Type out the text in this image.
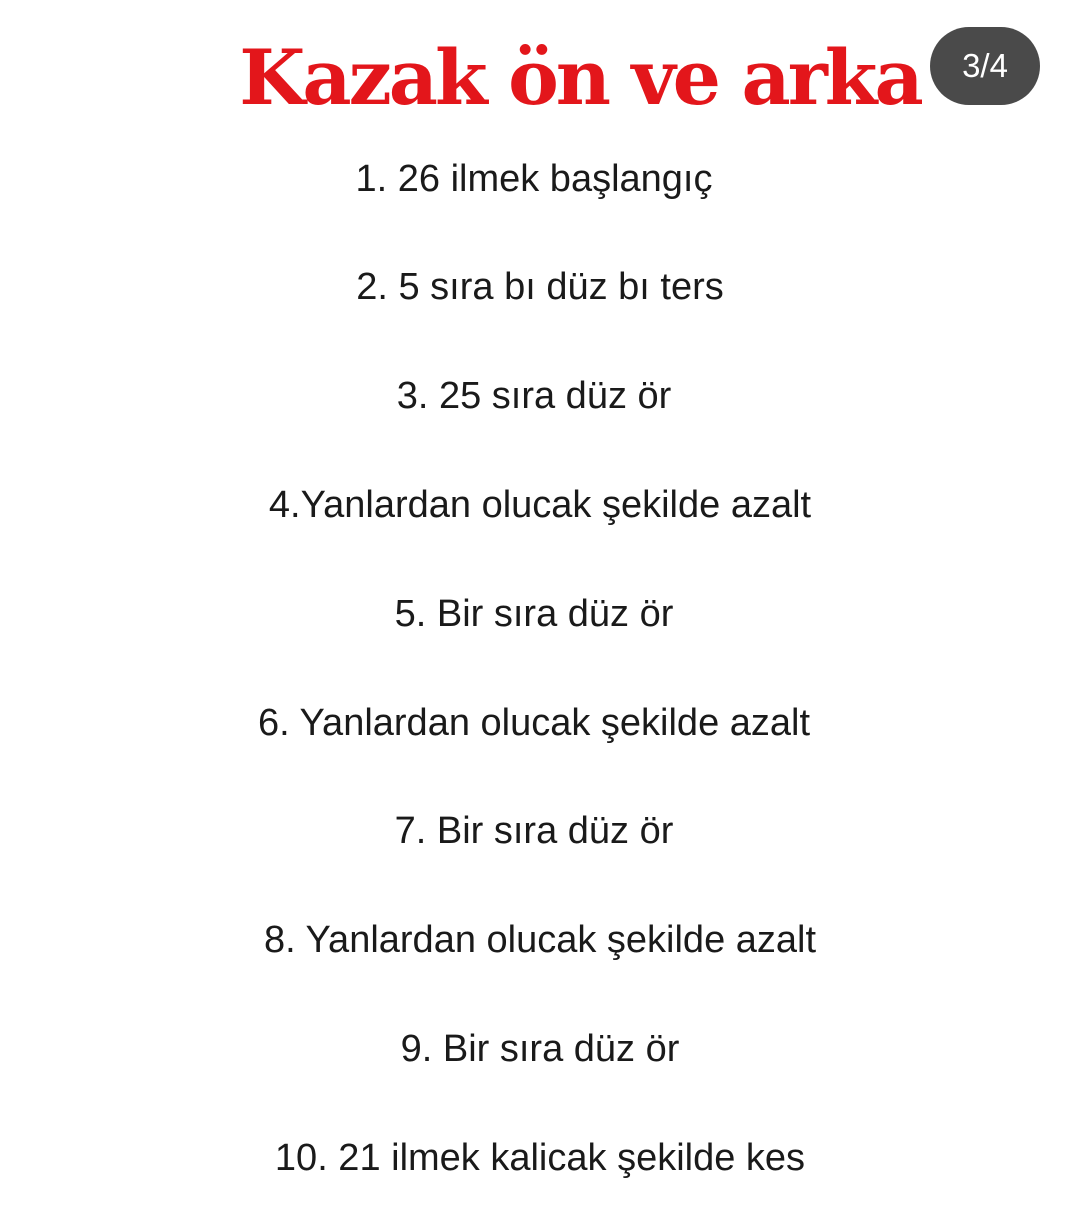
Kazak ön ve arka	3/4
1. 26 ilmek başlangıç
2. 5 sıra bı düz bı ters
3. 25 sıra düz ör
4.Yanlardan olucak şekilde azalt
5. Bir sıra düz ör
6. Yanlardan olucak şekilde azalt
7. Bir sıra düz ör
8. Yanlardan olucak şekilde azalt
9. Bir sıra düz ör
10. 21 ilmek kalicak şekilde kes
